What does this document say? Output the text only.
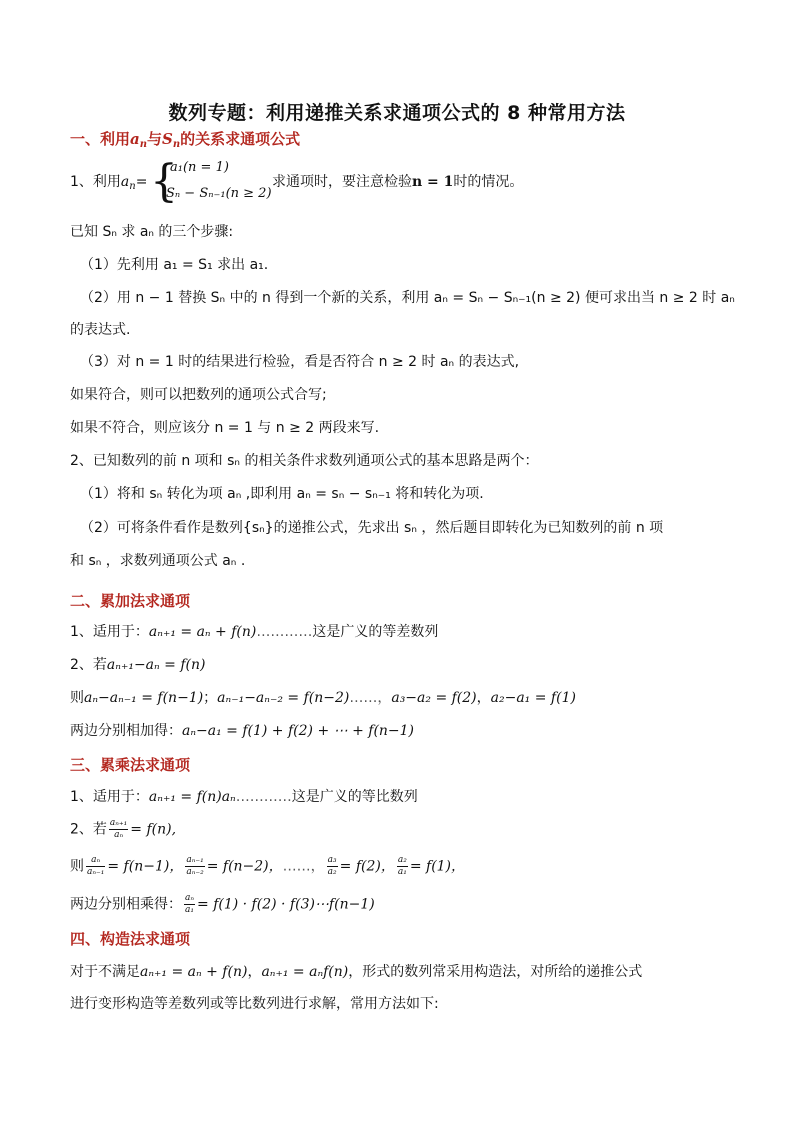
数列专题：利用递推关系求通项公式的 8 种常用方法
一、利用$a_n$与$S_n$的关系求通项公式
1、利用$a_n=$ {
a₁(n = 1)
Sₙ − Sₙ₋₁(n ≥ 2)
求通项时，要注意检验n = 1时的情况。
已知 Sₙ 求 aₙ 的三个步骤:
（1）先利用 a₁ = S₁ 求出 a₁.
（2）用 n − 1 替换 Sₙ 中的 n 得到一个新的关系，利用 aₙ = Sₙ − Sₙ₋₁(n ≥ 2) 便可求出当 n ≥ 2 时 aₙ
的表达式.
（3）对 n = 1 时的结果进行检验，看是否符合 n ≥ 2 时 aₙ 的表达式,
如果符合，则可以把数列的通项公式合写;
如果不符合，则应该分 n = 1 与 n ≥ 2 两段来写.
2、已知数列的前 n 项和 sₙ 的相关条件求数列通项公式的基本思路是两个：
（1）将和 sₙ 转化为项 aₙ ,即利用 aₙ = sₙ − sₙ₋₁ 将和转化为项.
（2）可将条件看作是数列{sₙ}的递推公式，先求出 sₙ ，然后题目即转化为已知数列的前 n 项
和 sₙ ，求数列通项公式 aₙ .
二、累加法求通项
1、适用于：aₙ₊₁ = aₙ + f(n)…………这是广义的等差数列
2、若aₙ₊₁−aₙ = f(n)
则aₙ−aₙ₋₁ = f(n−1)；aₙ₋₁−aₙ₋₂ = f(n−2)……，a₃−a₂ = f(2)，a₂−a₁ = f(1)
两边分别相加得：aₙ−a₁ = f(1) + f(2) + ⋯ + f(n−1)
三、累乘法求通项
1、适用于：aₙ₊₁ = f(n)aₙ…………这是广义的等比数列
2、若 $\frac{\text{aₙ₊₁}}{\text{aₙ}} = f(n)$,
则 $\frac{\text{aₙ}}{\text{aₙ₋₁}} = f(n-1)$， $\frac{\text{aₙ₋₁}}{\text{aₙ₋₂}} = f(n-2)$，……， $\frac{\text{a₃}}{\text{a₂}} = f(2)$， $\frac{\text{a₂}}{\text{a₁}} = f(1)$，
两边分别相乘得： $\frac{\text{aₙ}}{\text{a₁}} = f(1) \cdot f(2)$ · f(3)⋯f(n−1)
四、构造法求通项
对于不满足aₙ₊₁ = aₙ + f(n)，aₙ₊₁ = aₙf(n)，形式的数列常采用构造法，对所给的递推公式
进行变形构造等差数列或等比数列进行求解，常用方法如下:
